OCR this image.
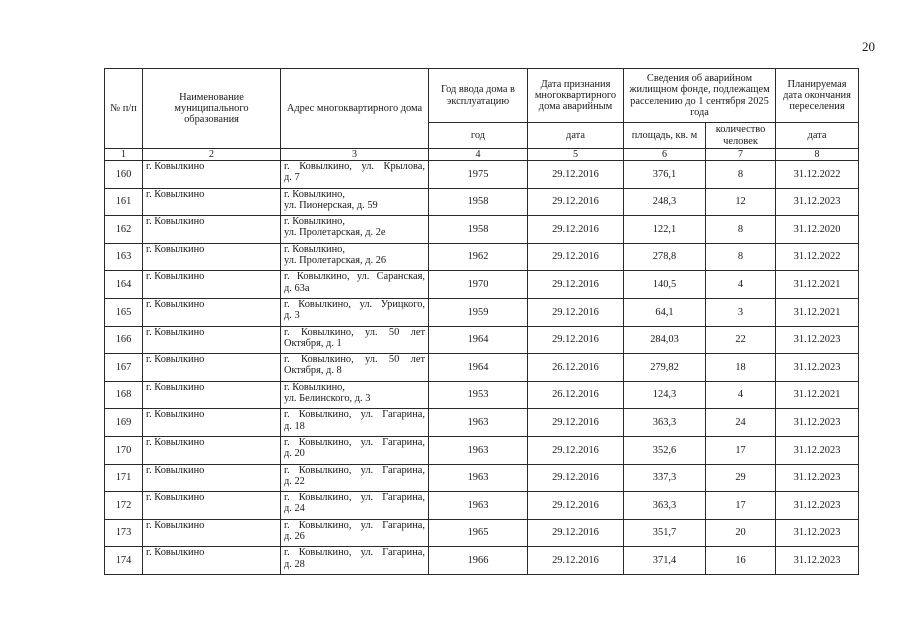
20
№ п/п	Наименование муниципального образования	Адрес многоквартирного дома	Год ввода дома в эксплуатацию	Дата признания многоквартирного дома аварийным	Сведения об аварийном жилищном фонде, подлежащем расселению до 1 сентября 2025 года		Планируемая дата окончания переселения
			год	дата	площадь, кв. м	количество человек	дата
1	2	3	4	5	6	7	8
160	г. Ковылкино	г. Ковылкино, ул. Крылова,
д. 7	1975	29.12.2016	376,1	8	31.12.2022
161	г. Ковылкино	г. Ковылкино,
ул. Пионерская, д. 59	1958	29.12.2016	248,3	12	31.12.2023
162	г. Ковылкино	г. Ковылкино,
ул. Пролетарская, д. 2е	1958	29.12.2016	122,1	8	31.12.2020
163	г. Ковылкино	г. Ковылкино,
ул. Пролетарская, д. 26	1962	29.12.2016	278,8	8	31.12.2022
164	г. Ковылкино	г. Ковылкино, ул. Саранская,
д. 63а	1970	29.12.2016	140,5	4	31.12.2021
165	г. Ковылкино	г. Ковылкино, ул. Урицкого,
д. 3	1959	29.12.2016	64,1	3	31.12.2021
166	г. Ковылкино	г. Ковылкино, ул. 50 лет
Октября, д. 1	1964	29.12.2016	284,03	22	31.12.2023
167	г. Ковылкино	г. Ковылкино, ул. 50 лет
Октября, д. 8	1964	26.12.2016	279,82	18	31.12.2023
168	г. Ковылкино	г. Ковылкино,
ул. Белинского, д. 3	1953	26.12.2016	124,3	4	31.12.2021
169	г. Ковылкино	г. Ковылкино, ул. Гагарина,
д. 18	1963	29.12.2016	363,3	24	31.12.2023
170	г. Ковылкино	г. Ковылкино, ул. Гагарина,
д. 20	1963	29.12.2016	352,6	17	31.12.2023
171	г. Ковылкино	г. Ковылкино, ул. Гагарина,
д. 22	1963	29.12.2016	337,3	29	31.12.2023
172	г. Ковылкино	г. Ковылкино, ул. Гагарина,
д. 24	1963	29.12.2016	363,3	17	31.12.2023
173	г. Ковылкино	г. Ковылкино, ул. Гагарина,
д. 26	1965	29.12.2016	351,7	20	31.12.2023
174	г. Ковылкино	г. Ковылкино, ул. Гагарина,
д. 28	1966	29.12.2016	371,4	16	31.12.2023
